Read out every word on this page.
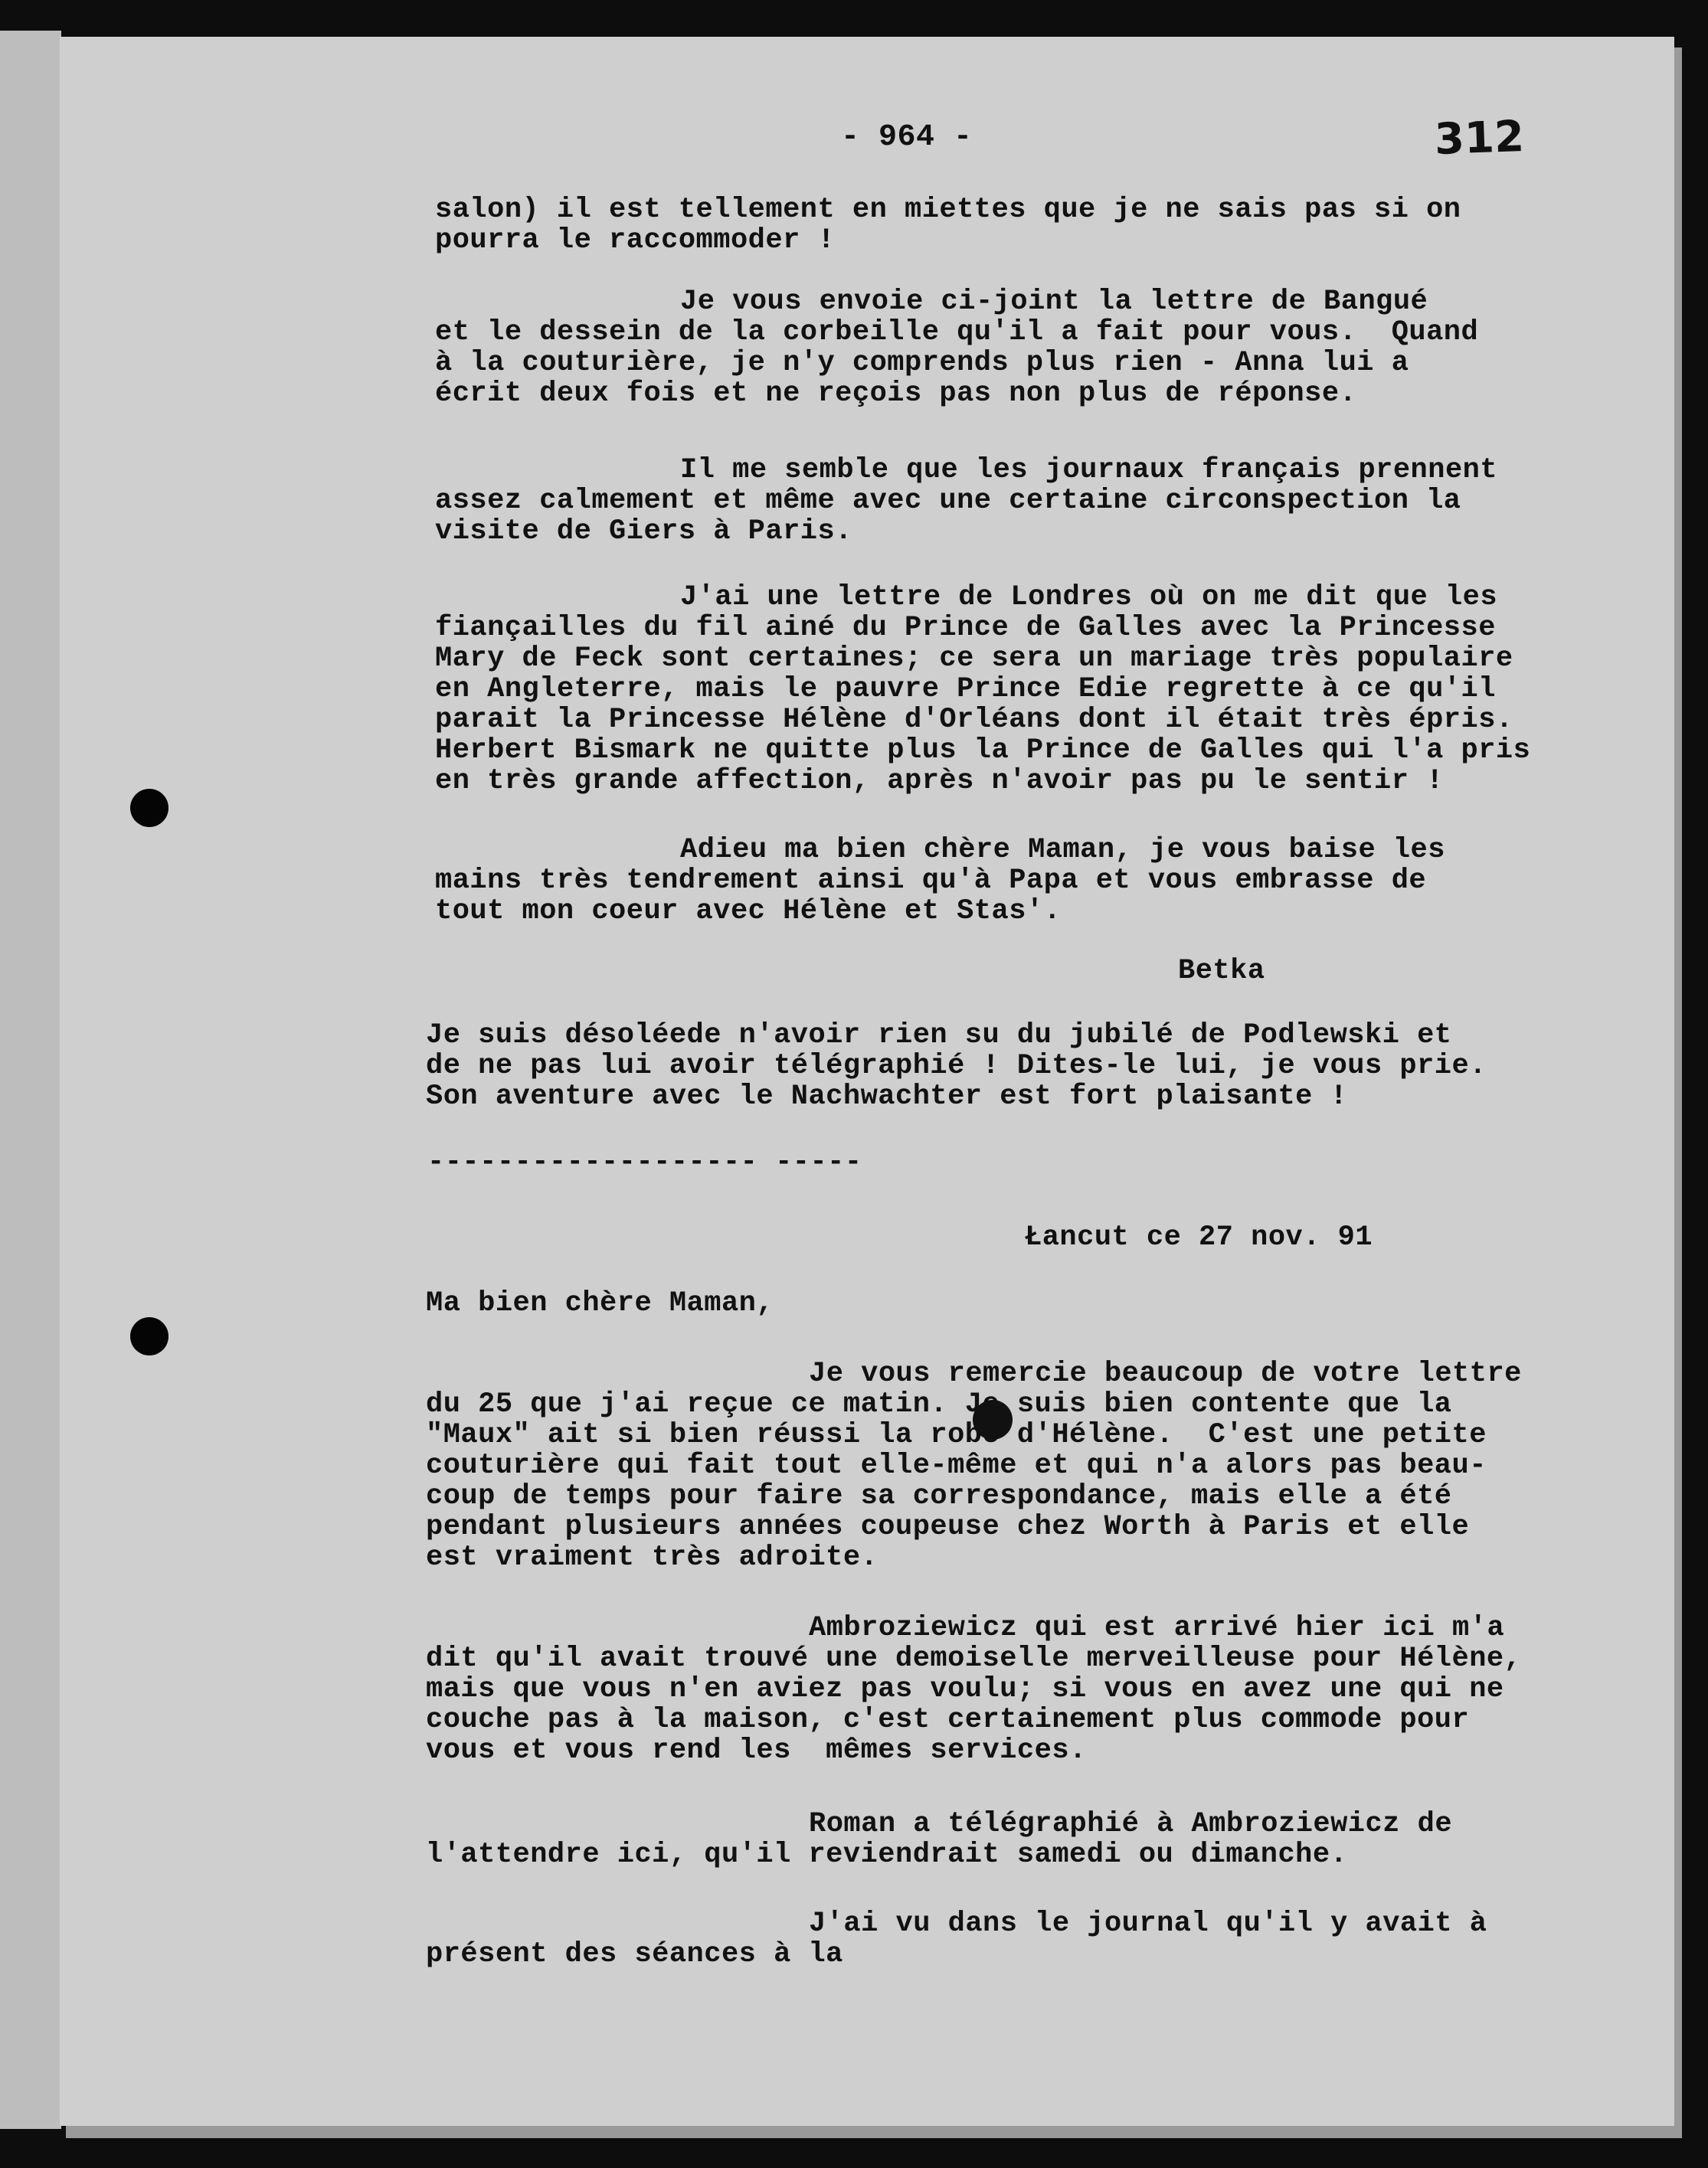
- 964 -	312

salon) il est tellement en miettes que je ne sais pas si on
pourra le raccommoder !

Je vous envoie ci-joint la lettre de Bangué
et le dessein de la corbeille qu'il a fait pour vous.  Quand
à la couturière, je n'y comprends plus rien - Anna lui a
écrit deux fois et ne reçois pas non plus de réponse.

Il me semble que les journaux français prennent
assez calmement et même avec une certaine circonspection la
visite de Giers à Paris.

J'ai une lettre de Londres où on me dit que les
fiançailles du fil ainé du Prince de Galles avec la Princesse
Mary de Feck sont certaines; ce sera un mariage très populaire
en Angleterre, mais le pauvre Prince Edie regrette à ce qu'il
parait la Princesse Hélène d'Orléans dont il était très épris.
Herbert Bismark ne quitte plus la Prince de Galles qui l'a pris
en très grande affection, après n'avoir pas pu le sentir !

Adieu ma bien chère Maman, je vous baise les
mains très tendrement ainsi qu'à Papa et vous embrasse de
tout mon coeur avec Hélène et Stas'.

Betka

Je suis désoléede n'avoir rien su du jubilé de Podlewski et
de ne pas lui avoir télégraphié ! Dites-le lui, je vous prie.
Son aventure avec le Nachwachter est fort plaisante !

------------------- -----

Łancut ce 27 nov. 91

Ma bien chère Maman,

Je vous remercie beaucoup de votre lettre
du 25 que j'ai reçue ce matin. Je suis bien contente que la
"Maux" ait si bien réussi la robe d'Hélène.  C'est une petite
couturière qui fait tout elle-même et qui n'a alors pas beau-
coup de temps pour faire sa correspondance, mais elle a été
pendant plusieurs années coupeuse chez Worth à Paris et elle
est vraiment très adroite.

Ambroziewicz qui est arrivé hier ici m'a
dit qu'il avait trouvé une demoiselle merveilleuse pour Hélène,
mais que vous n'en aviez pas voulu; si vous en avez une qui ne
couche pas à la maison, c'est certainement plus commode pour
vous et vous rend les  mêmes services.

Roman a télégraphié à Ambroziewicz de
l'attendre ici, qu'il reviendrait samedi ou dimanche.

J'ai vu dans le journal qu'il y avait à
présent des séances à la
